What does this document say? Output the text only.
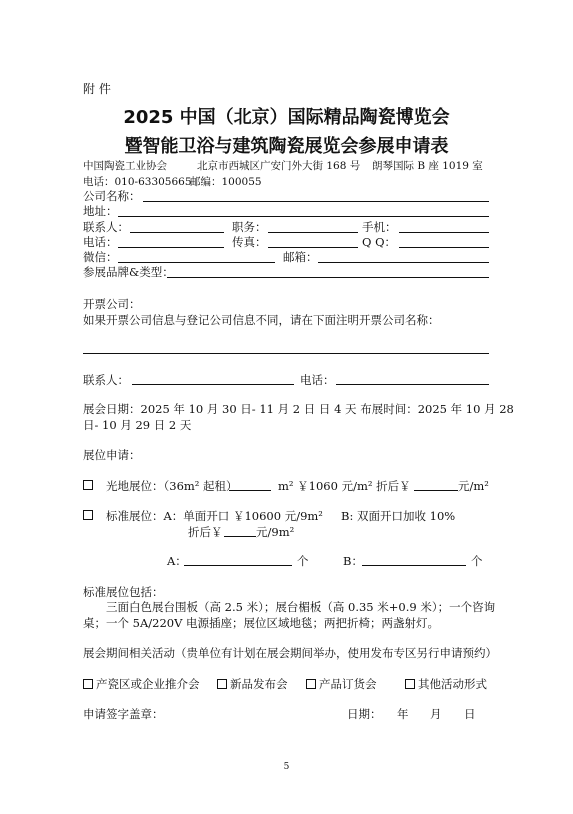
附 件
2025 中国（北京）国际精品陶瓷博览会
暨智能卫浴与建筑陶瓷展览会参展申请表
中国陶瓷工业协会	北京市西城区广安门外大街 168 号 朗琴国际 B 座 1019 室
电话：010-63305665
邮编：100055
公司名称：
地址：
联系人：	职务：	手机：
电话：	传真：	Q Q：
微信：	邮箱：
参展品牌&类型：
开票公司：
如果开票公司信息与登记公司信息不同，请在下面注明开票公司名称：
联系人：	电话：
展会日期：2025 年 10 月 30 日- 11 月 2 日 日 4 天 布展时间：2025 年 10 月 28
日- 10 月 29 日 2 天
展位申请：
光地展位：（36m² 起租）	m² ￥1060 元/m² 折后￥	元/m²
标准展位：A：单面开口 ￥10600 元/9m² B: 双面开口加收 10%
折后￥	元/9m²
A：	个	B：	个
标准展位包括：
三面白色展台围板（高 2.5 米）；展台楣板（高 0.35 米+0.9 米）；一个咨询
桌；一个 5A/220V 电源插座；展位区域地毯；两把折椅；两盏射灯。
展会期间相关活动（贵单位有计划在展会期间举办，使用发布专区另行申请预约）
产瓷区或企业推介会	新品发布会	产品订货会	其他活动形式
申请签字盖章：	日期： 年 月 日
5
